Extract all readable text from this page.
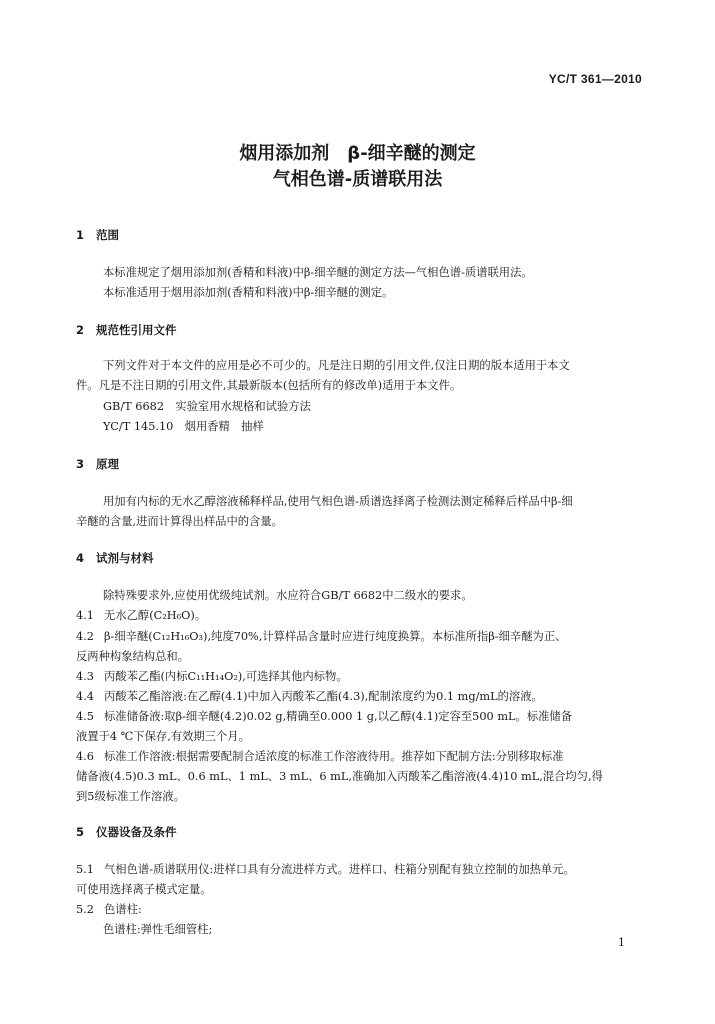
YC/T 361—2010
烟用添加剂　β-细辛醚的测定
气相色谱-质谱联用法
1 范围
本标准规定了烟用添加剂(香精和料液)中β-细辛醚的测定方法—气相色谱-质谱联用法。
本标准适用于烟用添加剂(香精和料液)中β-细辛醚的测定。
2 规范性引用文件
下列文件对于本文件的应用是必不可少的。凡是注日期的引用文件,仅注日期的版本适用于本文
件。凡是不注日期的引用文件,其最新版本(包括所有的修改单)适用于本文件。
GB/T 6682　实验室用水规格和试验方法
YC/T 145.10　烟用香精　抽样
3 原理
用加有内标的无水乙醇溶液稀释样品,使用气相色谱-质谱选择离子检测法测定稀释后样品中β-细
辛醚的含量,进而计算得出样品中的含量。
4 试剂与材料
除特殊要求外,应使用优级纯试剂。水应符合GB/T 6682中二级水的要求。
4.1 无水乙醇(C₂H₆O)。
4.2 β-细辛醚(C₁₂H₁₆O₃),纯度70%,计算样品含量时应进行纯度换算。本标准所指β-细辛醚为正、
反两种构象结构总和。
4.3 丙酸苯乙酯(内标C₁₁H₁₄O₂),可选择其他内标物。
4.4 丙酸苯乙酯溶液:在乙醇(4.1)中加入丙酸苯乙酯(4.3),配制浓度约为0.1 mg/mL的溶液。
4.5 标准储备液:取β-细辛醚(4.2)0.02 g,精确至0.000 1 g,以乙醇(4.1)定容至500 mL。标准储备
液置于4 ℃下保存,有效期三个月。
4.6 标准工作溶液:根据需要配制合适浓度的标准工作溶液待用。推荐如下配制方法:分别移取标准
储备液(4.5)0.3 mL、0.6 mL、1 mL、3 mL、6 mL,准确加入丙酸苯乙酯溶液(4.4)10 mL,混合均匀,得
到5级标准工作溶液。
5 仪器设备及条件
5.1 气相色谱-质谱联用仪:进样口具有分流进样方式。进样口、柱箱分别配有独立控制的加热单元。
可使用选择离子模式定量。
5.2 色谱柱:
色谱柱:弹性毛细管柱;
1
